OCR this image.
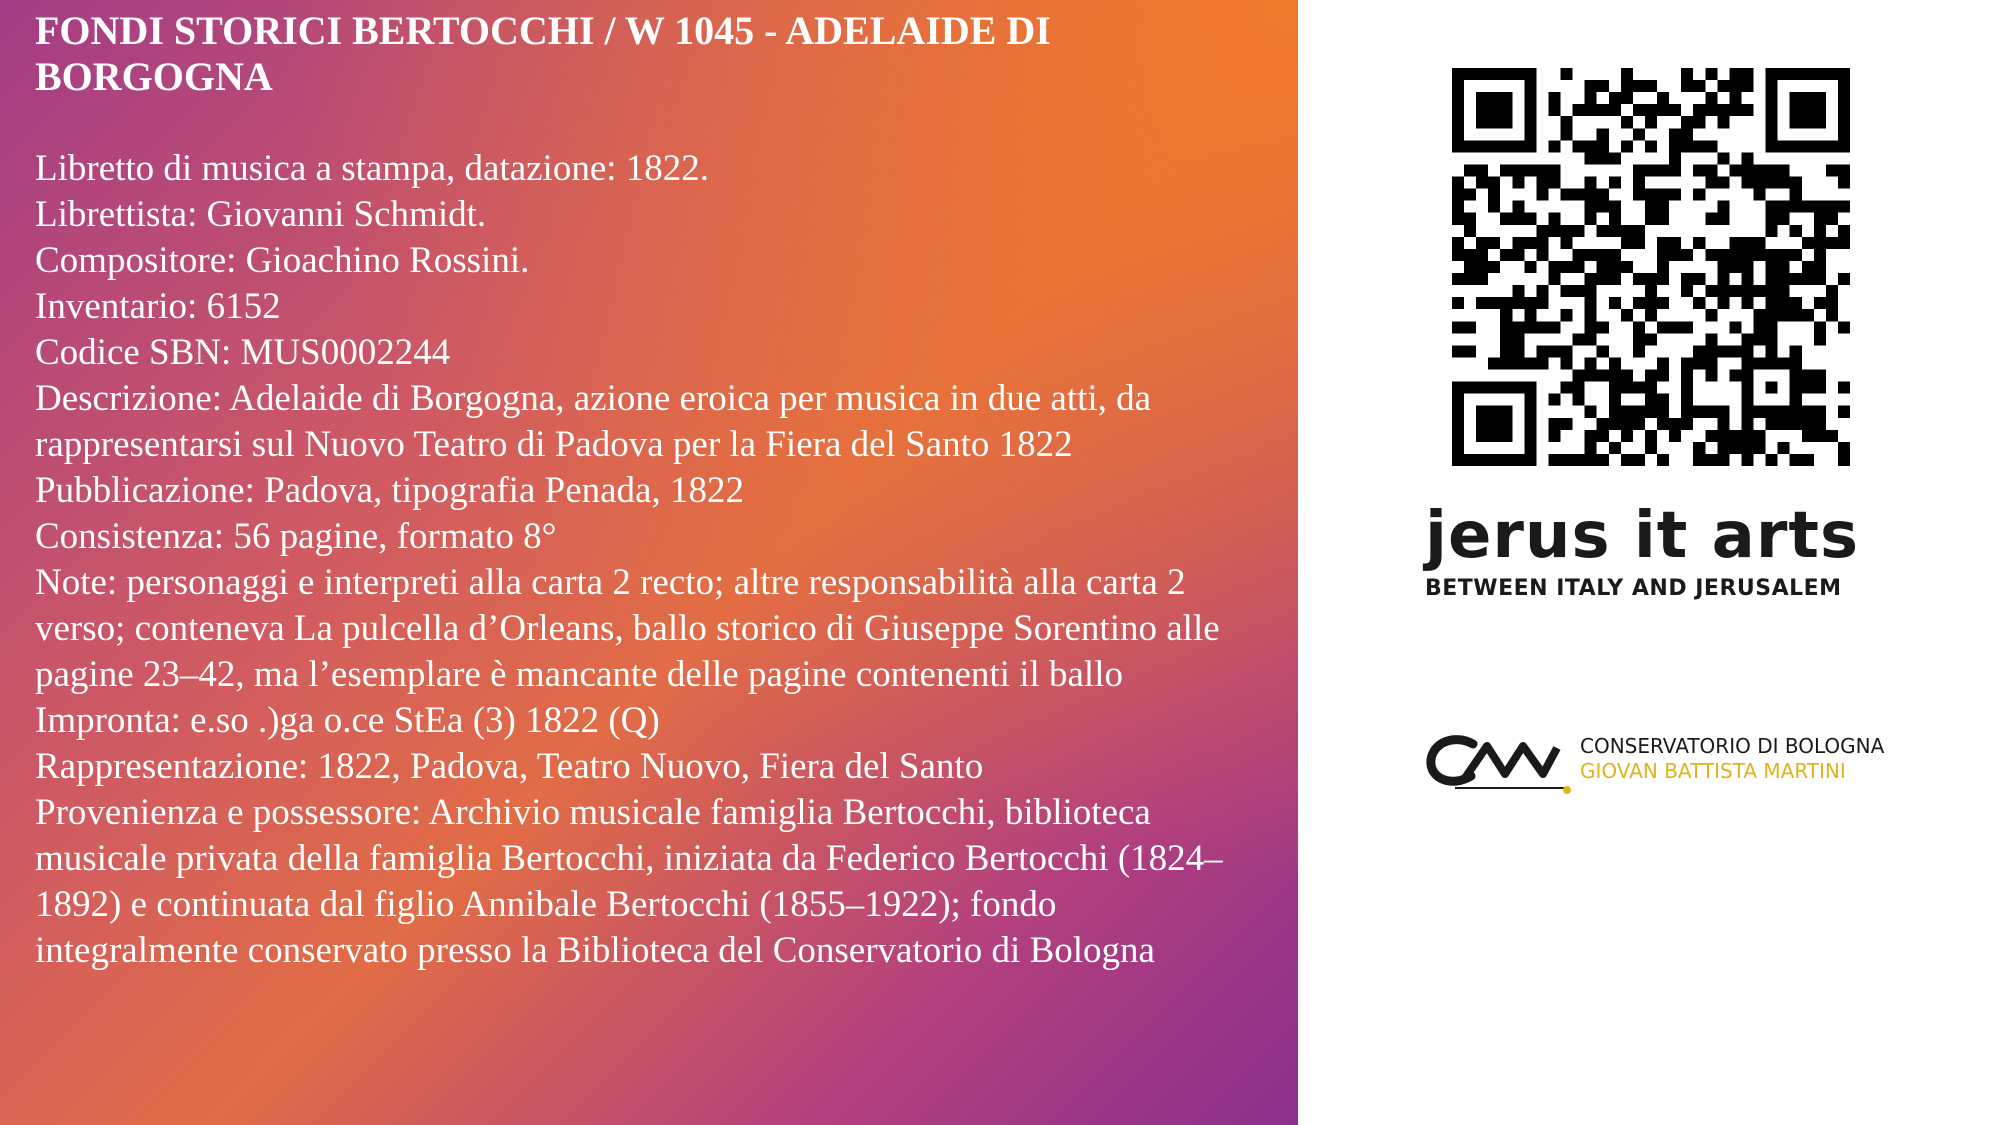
FONDI STORICI BERTOCCHI / W 1045 - ADELAIDE DI BORGOGNA
Libretto di musica a stampa, datazione: 1822.
Librettista: Giovanni Schmidt.
Compositore: Gioachino Rossini.
Inventario: 6152
Codice SBN: MUS0002244
Descrizione: Adelaide di Borgogna, azione eroica per musica in due atti, da rappresentarsi sul Nuovo Teatro di Padova per la Fiera del Santo 1822
Pubblicazione: Padova, tipografia Penada, 1822
Consistenza: 56 pagine, formato 8°
Note: personaggi e interpreti alla carta 2 recto; altre responsabilità alla carta 2 verso; conteneva La pulcella d’Orleans, ballo storico di Giuseppe Sorentino alle pagine 23–42, ma l’esemplare è mancante delle pagine contenenti il ballo
Impronta: e.so .)ga o.ce StEa (3) 1822 (Q)
Rappresentazione: 1822, Padova, Teatro Nuovo, Fiera del Santo
Provenienza e possessore: Archivio musicale famiglia Bertocchi, biblioteca musicale privata della famiglia Bertocchi, iniziata da Federico Bertocchi (1824–1892) e continuata dal figlio Annibale Bertocchi (1855–1922); fondo integralmente conservato presso la Biblioteca del Conservatorio di Bologna
jerus it arts
BETWEEN ITALY AND JERUSALEM
CONSERVATORIO DI BOLOGNA
GIOVAN BATTISTA MARTINI
